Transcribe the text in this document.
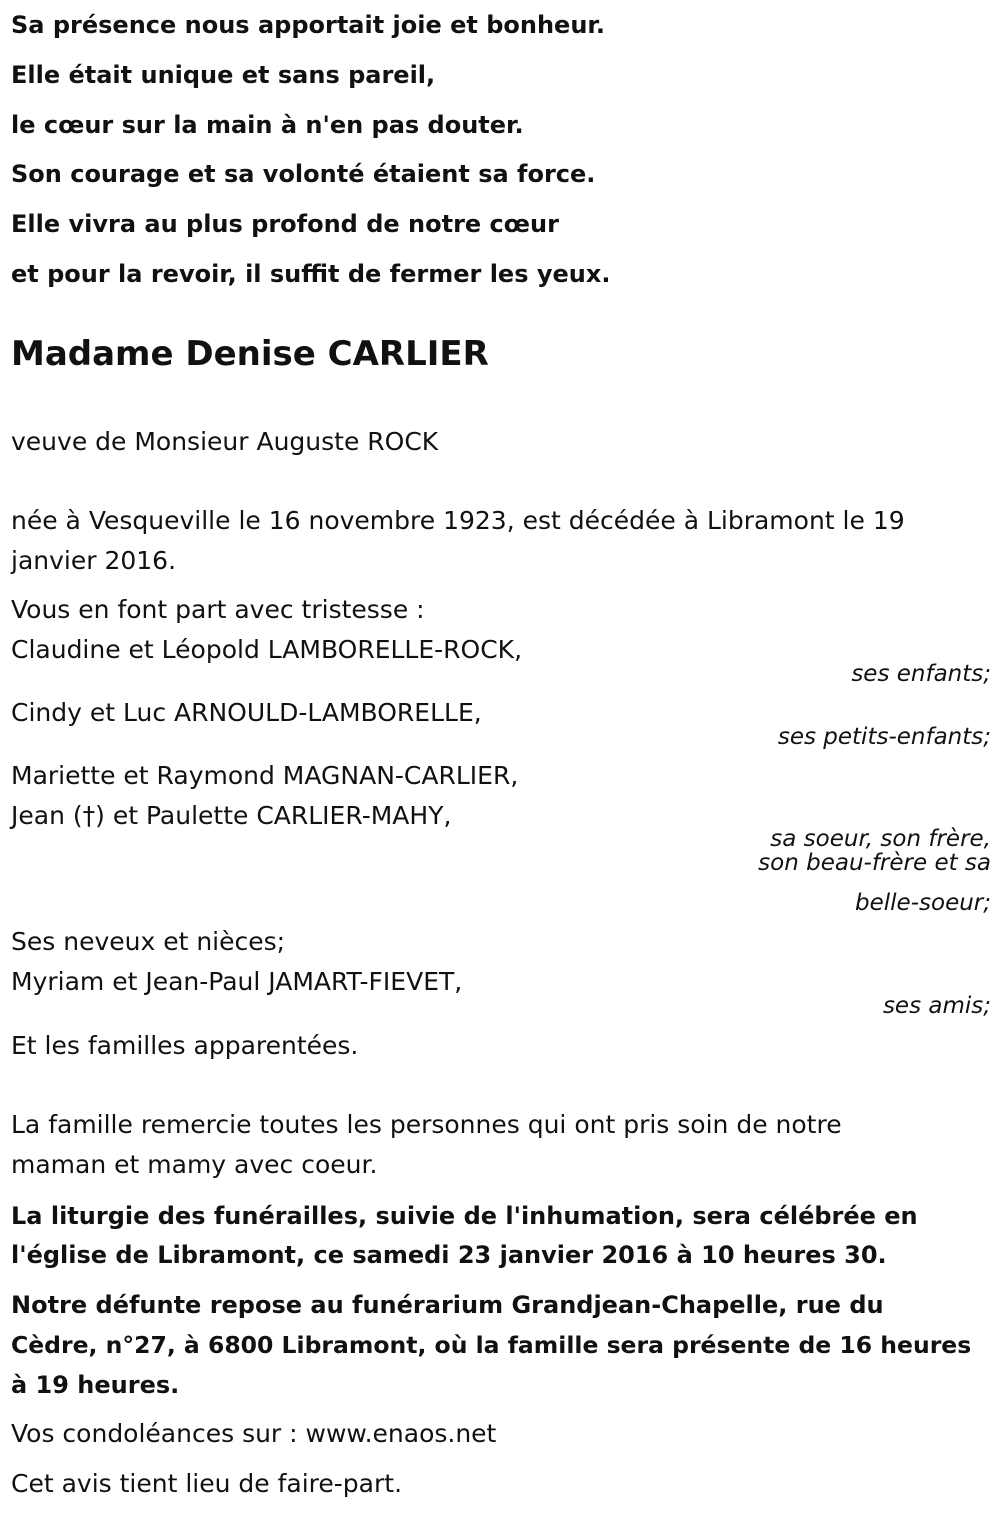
Sa présence nous apportait joie et bonheur.
Elle était unique et sans pareil,
le cœur sur la main à n'en pas douter.
Son courage et sa volonté étaient sa force.
Elle vivra au plus profond de notre cœur
et pour la revoir, il suffit de fermer les yeux.
Madame Denise CARLIER
veuve de Monsieur Auguste ROCK
née à Vesqueville le 16 novembre 1923, est décédée à Libramont le 19
janvier 2016.
Vous en font part avec tristesse :
Claudine et Léopold LAMBORELLE-ROCK,
ses enfants;
Cindy et Luc ARNOULD-LAMBORELLE,
ses petits-enfants;
Mariette et Raymond MAGNAN-CARLIER,
Jean (†) et Paulette CARLIER-MAHY,
sa soeur, son frère,
son beau-frère et sa
belle-soeur;
Ses neveux et nièces;
Myriam et Jean-Paul JAMART-FIEVET,
ses amis;
Et les familles apparentées.
La famille remercie toutes les personnes qui ont pris soin de notre
maman et mamy avec coeur.
La liturgie des funérailles, suivie de l'inhumation, sera célébrée en
l'église de Libramont, ce samedi 23 janvier 2016 à 10 heures 30.
Notre défunte repose au funérarium Grandjean-Chapelle, rue du
Cèdre, n°27, à 6800 Libramont, où la famille sera présente de 16 heures
à 19 heures.
Vos condoléances sur : www.enaos.net
Cet avis tient lieu de faire-part.
